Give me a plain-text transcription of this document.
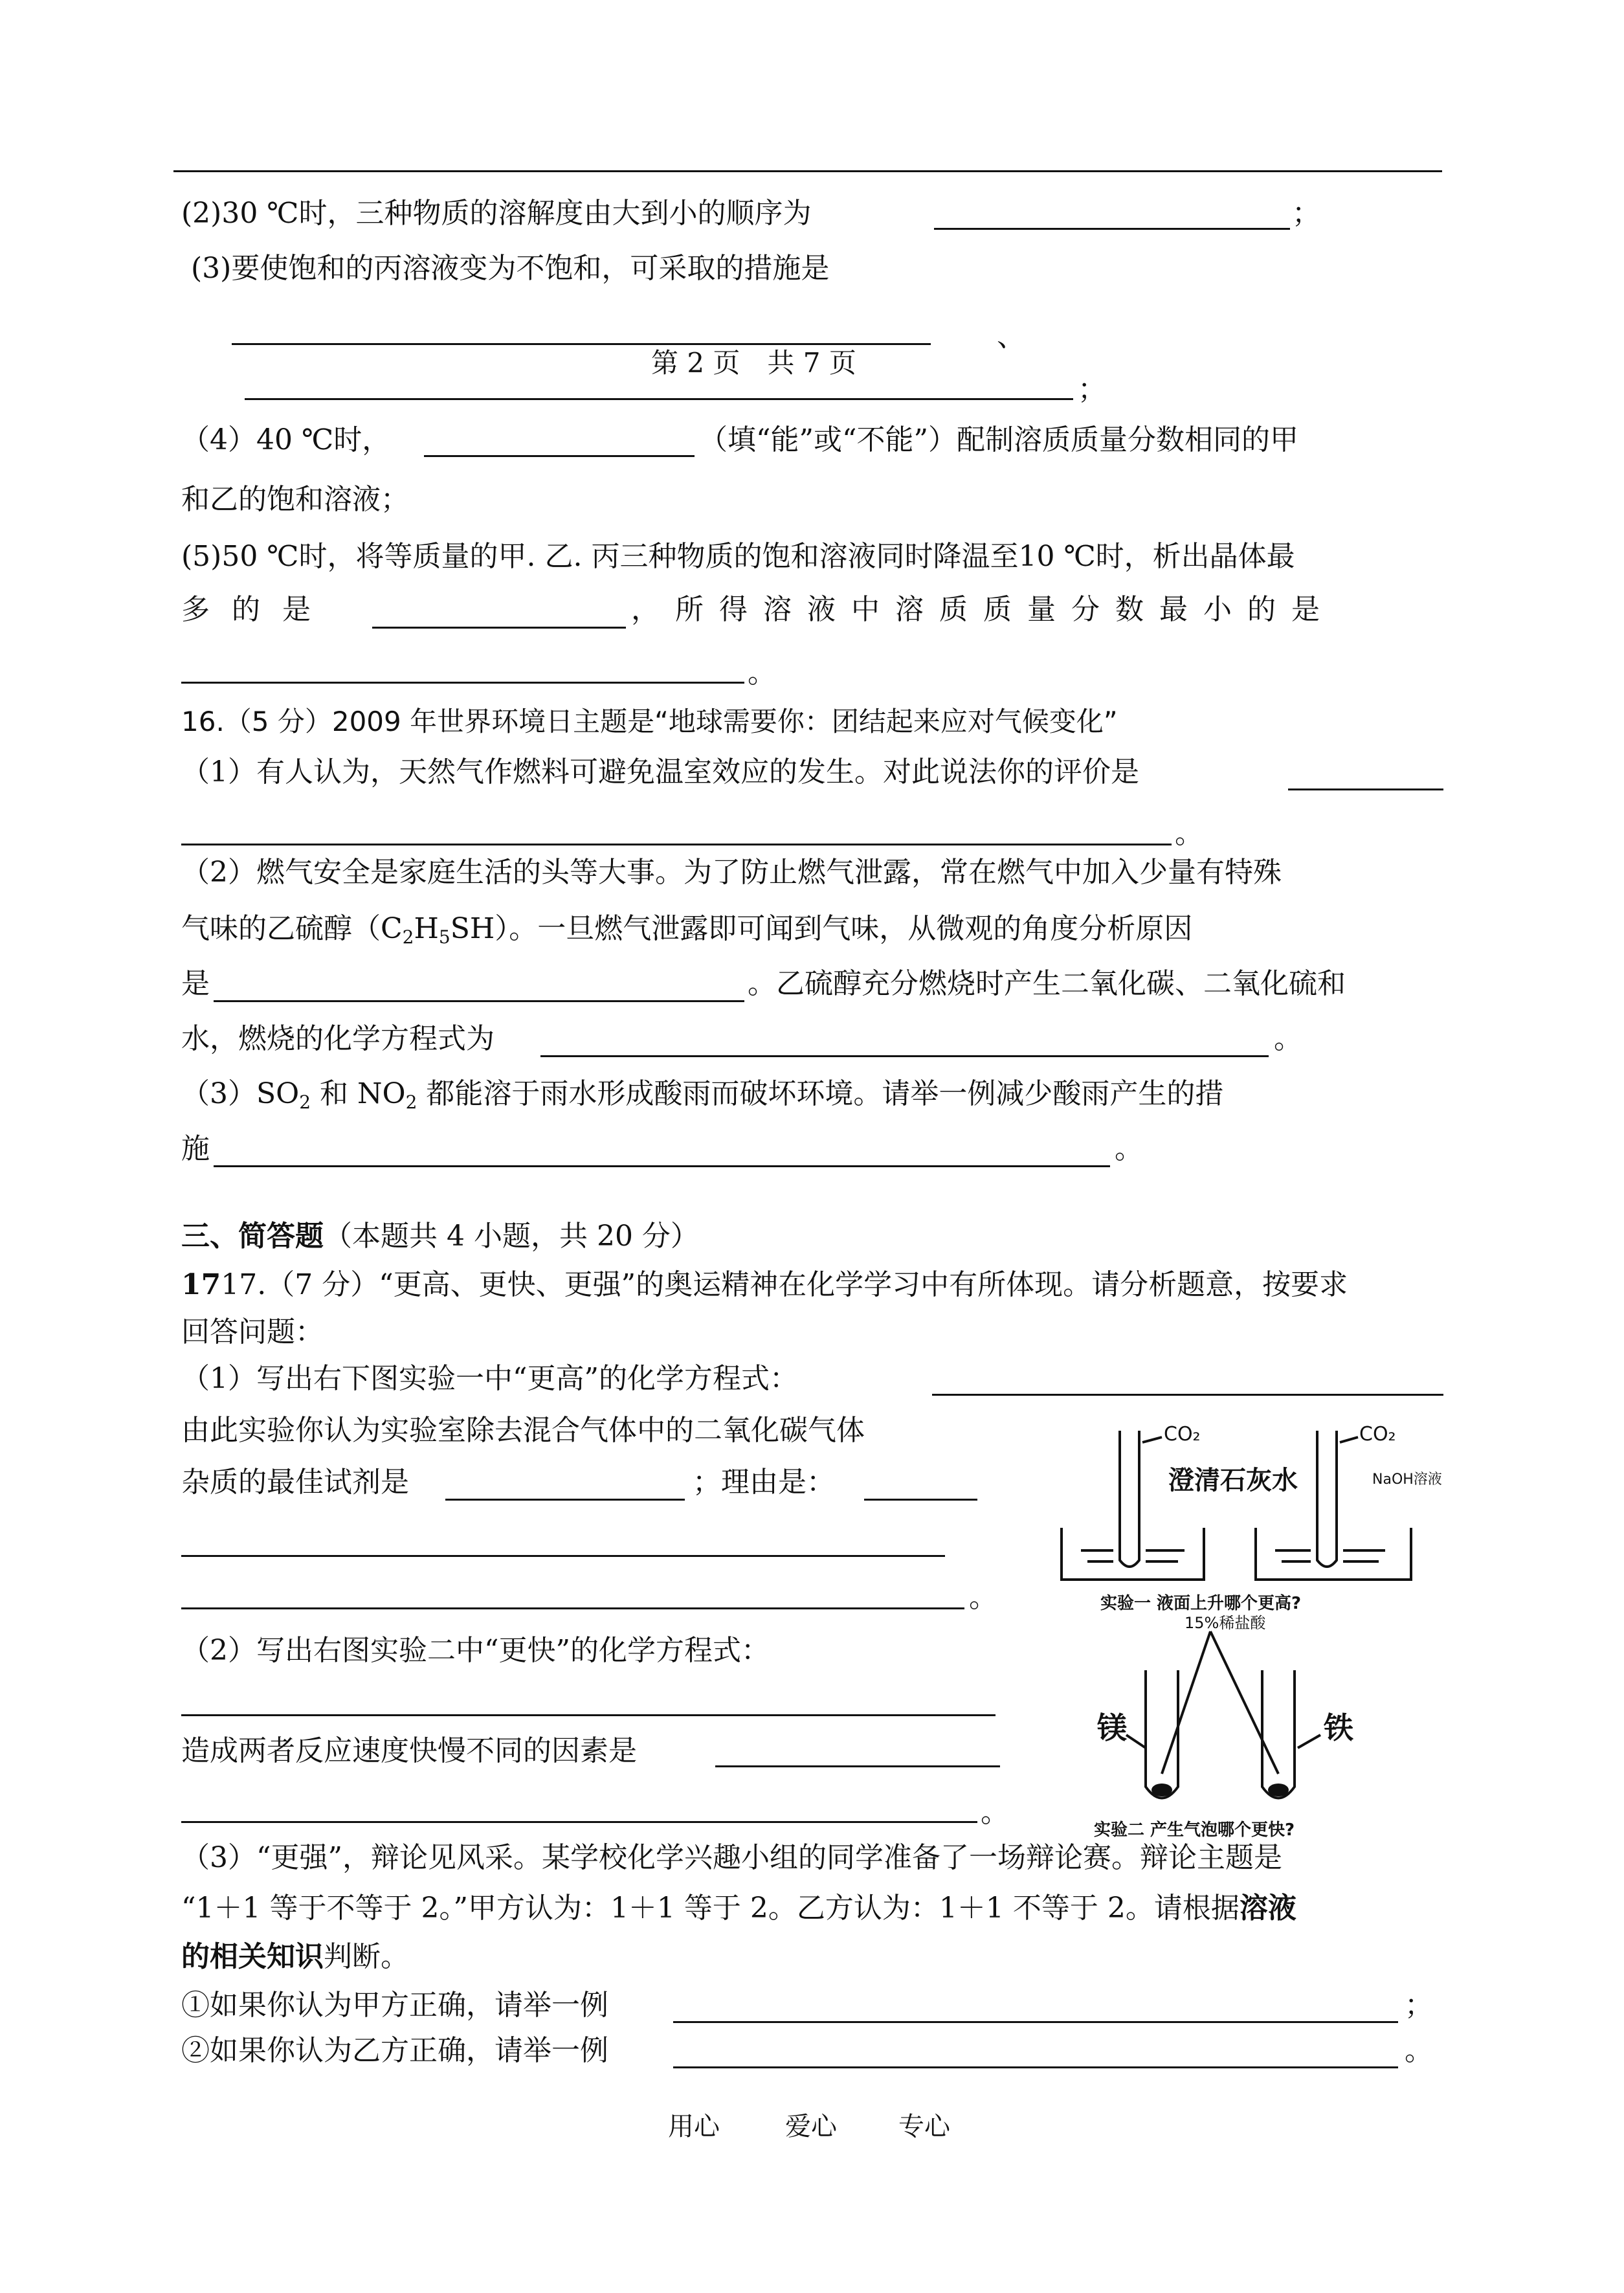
(2)30 ℃时，三种物质的溶解度由大到小的顺序为	；
(3)要使饱和的丙溶液变为不饱和，可采取的措施是
、
第 2 页　共 7 页
；
（4）40 ℃时，	（填“能”或“不能”）配制溶质质量分数相同的甲
和乙的饱和溶液；
(5)50 ℃时，将等质量的甲. 乙. 丙三种物质的饱和溶液同时降温至10 ℃时，析出晶体最
多的是	，所得溶液中溶质质量分数最小的是
。
16.（5 分）2009 年世界环境日主题是“地球需要你：团结起来应对气候变化”
（1）有人认为，天然气作燃料可避免温室效应的发生。对此说法你的评价是
。
（2）燃气安全是家庭生活的头等大事。为了防止燃气泄露，常在燃气中加入少量有特殊
气味的乙硫醇$(C_2H_5SH)$。一旦燃气泄露即可闻到气味，从微观的角度分析原因
是	。乙硫醇充分燃烧时产生二氧化碳、二氧化硫和
水，燃烧的化学方程式为	。
$(3)SO_2$ 和 $NO_2$ 都能溶于雨水形成酸雨而破坏环境。请举一例减少酸雨产生的措
施	。
三、简答题（本题共 4 小题，共 20 分）
1717.（7 分）“更高、更快、更强”的奥运精神在化学学习中有所体现。请分析题意，按要求
回答问题：
（1）写出右下图实验一中“更高”的化学方程式：
由此实验你认为实验室除去混合气体中的二氧化碳气体
杂质的最佳试剂是	；理由是：
。
（2）写出右图实验二中“更快”的化学方程式：
造成两者反应速度快慢不同的因素是
。
CO₂	CO₂
澄清石灰水	NaOH溶液
实验一 液面上升哪个更高?
15%稀盐酸
镁	铁
实验二 产生气泡哪个更快?
（3）“更强”，辩论见风采。某学校化学兴趣小组的同学准备了一场辩论赛。辩论主题是
“1＋1 等于不等于 2。”甲方认为：1＋1 等于 2。乙方认为：1＋1 不等于 2。请根据溶液
的相关知识判断。
①如果你认为甲方正确，请举一例	；
②如果你认为乙方正确，请举一例	。
用心	爱心 专心
